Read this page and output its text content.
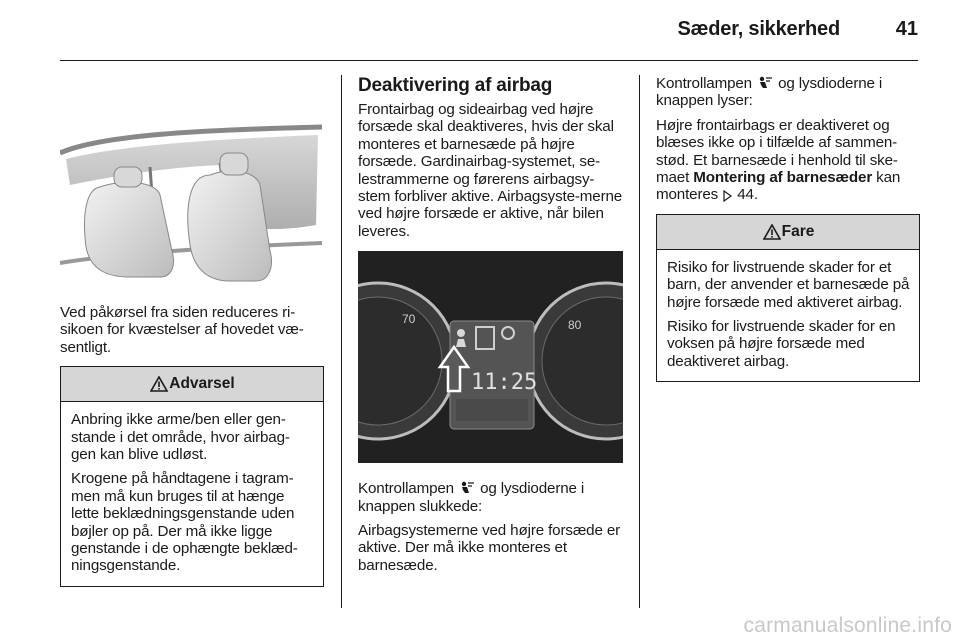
Sæder, sikkerhed	41

Ved påkørsel fra siden reduceres ri-sikoen for kvæstelser af hovedet væ-sentligt.

Advarsel

Anbring ikke arme/ben eller gen-stande i det område, hvor airbag-gen kan blive udløst.

Krogene på håndtagene i tagram-men må kun bruges til at hænge lette beklædningsgenstande uden bøjler op på. Der må ikke ligge genstande i de ophængte beklæd-ningsgenstande.

Deaktivering af airbag

Frontairbag og sideairbag ved højre forsæde skal deaktiveres, hvis der skal monteres et barnesæde på højre forsæde. Gardinairbag-systemet, se-lestrammerne og førerens airbagsy-stem forbliver aktive. Airbagsyste-merne ved højre forsæde er aktive, når bilen leveres.

70	80
11:25

Kontrollampen og lysdioderne i knappen slukkede:

Airbagsystemerne ved højre forsæde er aktive. Der må ikke monteres et barnesæde.

Kontrollampen og lysdioderne i knappen lyser:

Højre frontairbags er deaktiveret og blæses ikke op i tilfælde af sammen-stød. Et barnesæde i henhold til ske-maet Montering af barnesæder kan monteres 44.

Fare

Risiko for livstruende skader for et barn, der anvender et barnesæde på højre forsæde med aktiveret airbag.

Risiko for livstruende skader for en voksen på højre forsæde med deaktiveret airbag.

carmanualsonline.info
